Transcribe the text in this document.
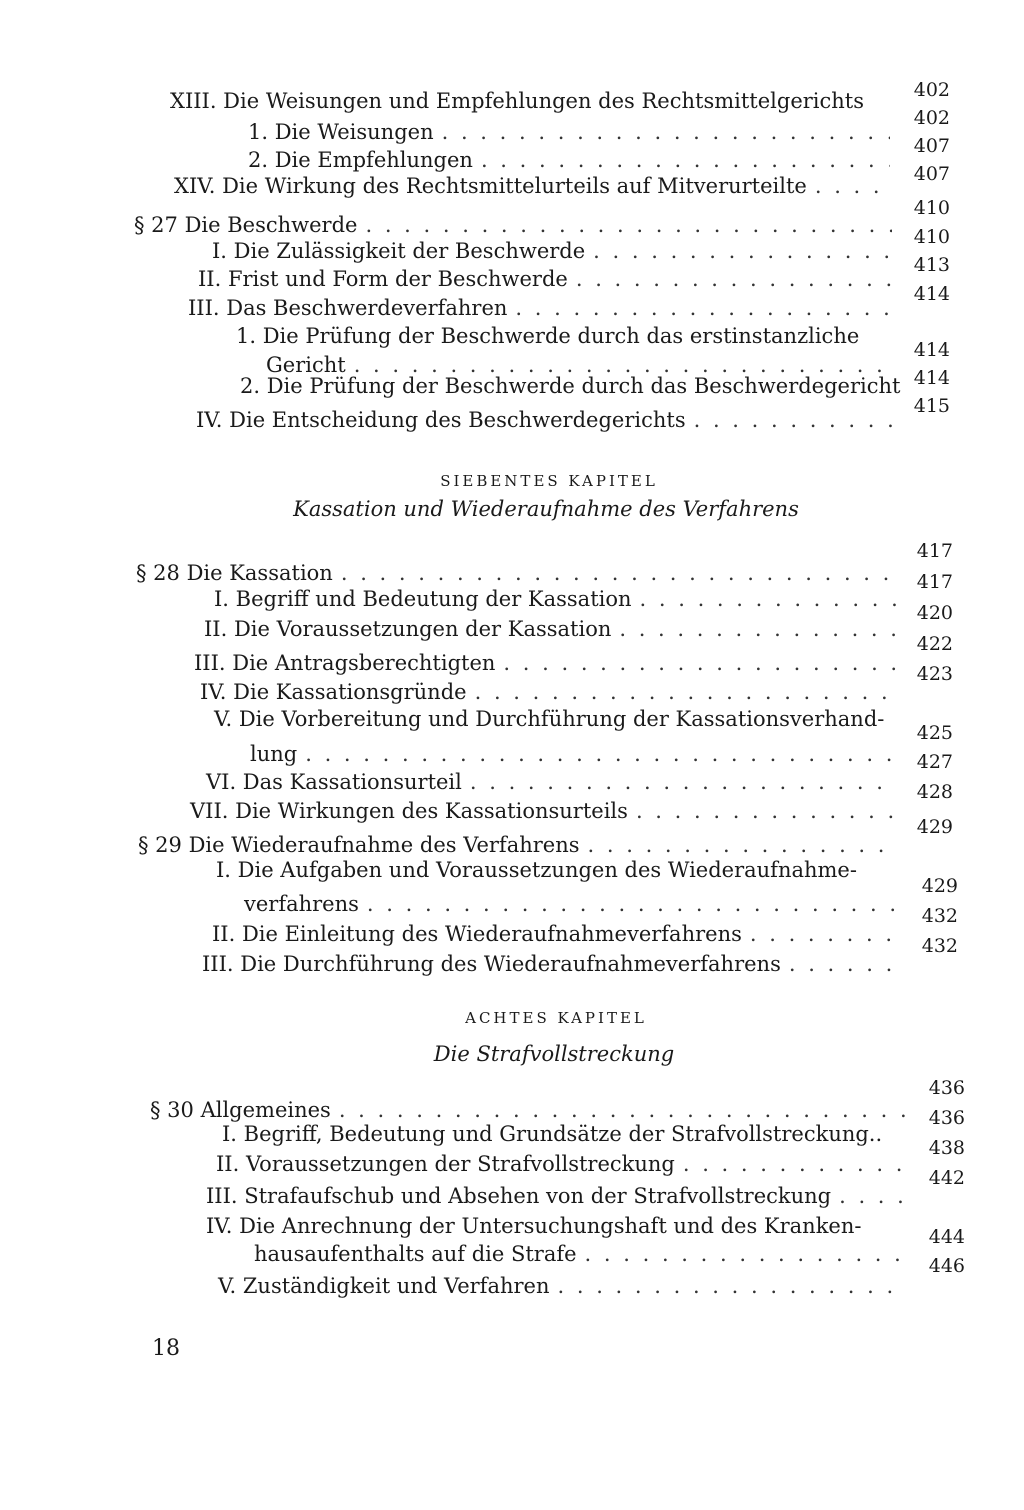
XIII. Die Weisungen und Empfehlungen des Rechtsmittelgerichts	402
1. Die Weisungen
. . .
402
2. Die Empfehlungen
. . .
407
XIV. Die Wirkung des Rechtsmittelurteils auf Mitverurteilte
. . .	407
§ 27 Die Beschwerde
. . .
410
I. Die Zulässigkeit der Beschwerde
. . .
410
II. Frist und Form der Beschwerde
. . .
413
III. Das Beschwerdeverfahren
. . .
414
1. Die Prüfung der Beschwerde durch das erstinstanzliche
Gericht
. . .
414
2. Die Prüfung der Beschwerde durch das Beschwerdegericht 414
IV. Die Entscheidung des Beschwerdegerichts
. . .
415
SIEBENTES KAPITEL
Kassation und Wiederaufnahme des Verfahrens
§ 28 Die Kassation
. . .
417
I. Begriff und Bedeutung der Kassation
. . .
417
II. Die Voraussetzungen der Kassation
. . .
420
III. Die Antragsberechtigten
. . .
422
IV. Die Kassationsgründe
. . .
423
V. Die Vorbereitung und Durchführung der Kassationsverhand-
lung
. . .
425
VI. Das Kassationsurteil
. . .
427
VII. Die Wirkungen des Kassationsurteils
. . .
428
§ 29 Die Wiederaufnahme des Verfahrens
. . .
429
I. Die Aufgaben und Voraussetzungen des Wiederaufnahme-
verfahrens
. . .
429
II. Die Einleitung des Wiederaufnahmeverfahrens
. . .
432
III. Die Durchführung des Wiederaufnahmeverfahrens
. . .
432
ACHTES KAPITEL
Die Strafvollstreckung
§ 30 Allgemeines
. . .
436
I. Begriff, Bedeutung und Grundsätze der Strafvollstreckung..
436
II. Voraussetzungen der Strafvollstreckung
. . .
438
III. Strafaufschub und Absehen von der Strafvollstreckung
. . .
442
IV. Die Anrechnung der Untersuchungshaft und des Kranken-
hausaufenthalts auf die Strafe
. . .
444
V. Zuständigkeit und Verfahren
. . .
446
18
